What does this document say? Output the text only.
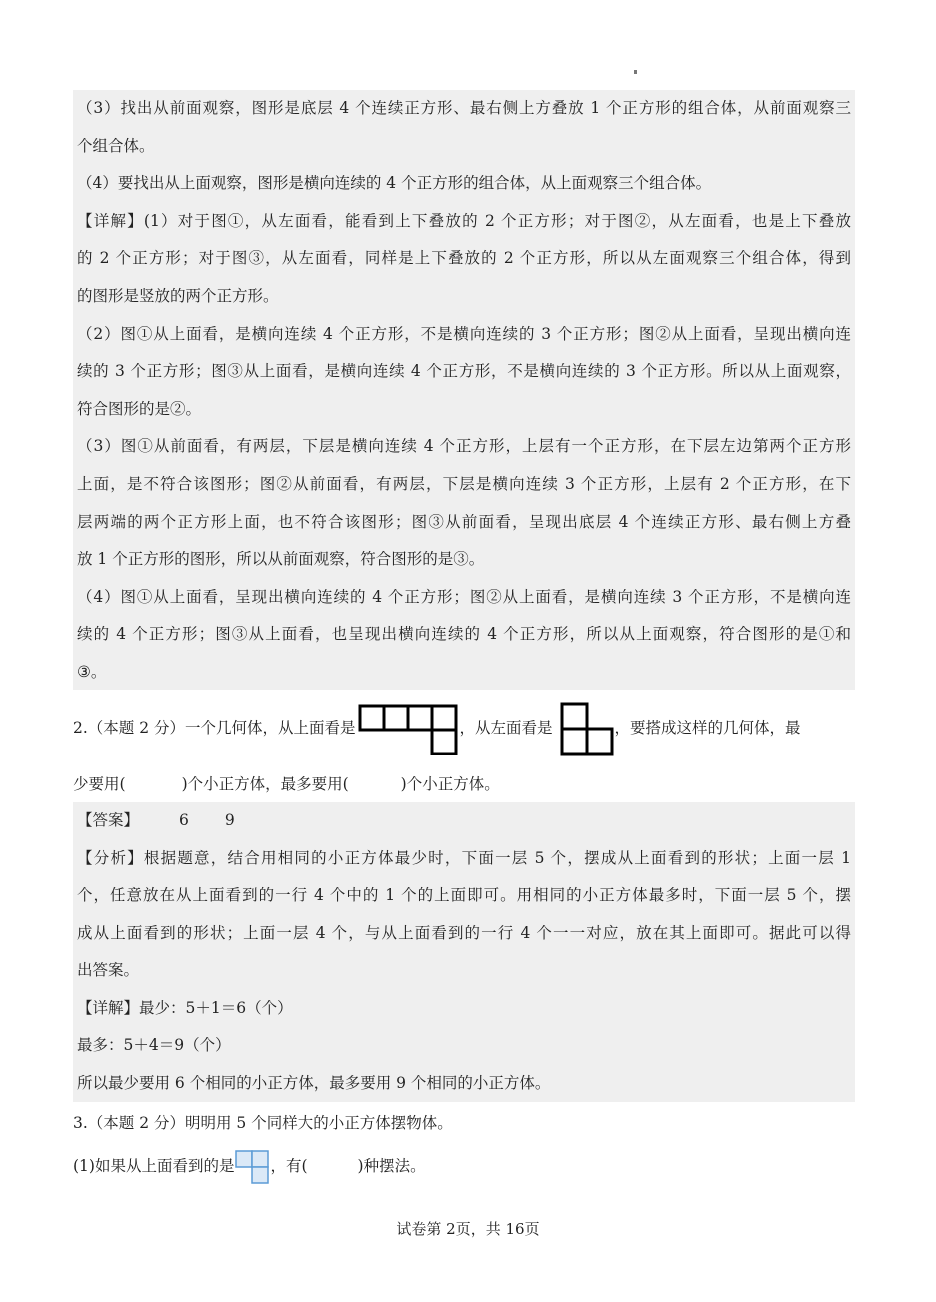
（3）找出从前面观察，图形是底层 4 个连续正方形、最右侧上方叠放 1 个正方形的组合体，从前面观察三
个组合体。
（4）要找出从上面观察，图形是横向连续的 4 个正方形的组合体，从上面观察三个组合体。
【详解】(1）对于图①，从左面看，能看到上下叠放的 2 个正方形；对于图②，从左面看，也是上下叠放
的 2 个正方形；对于图③，从左面看，同样是上下叠放的 2 个正方形，所以从左面观察三个组合体，得到
的图形是竖放的两个正方形。
（2）图①从上面看，是横向连续 4 个正方形，不是横向连续的 3 个正方形；图②从上面看，呈现出横向连
续的 3 个正方形；图③从上面看，是横向连续 4 个正方形，不是横向连续的 3 个正方形。所以从上面观察，
符合图形的是②。
（3）图①从前面看，有两层，下层是横向连续 4 个正方形，上层有一个正方形，在下层左边第两个正方形
上面，是不符合该图形；图②从前面看，有两层，下层是横向连续 3 个正方形，上层有 2 个正方形，在下
层两端的两个正方形上面，也不符合该图形；图③从前面看，呈现出底层 4 个连续正方形、最右侧上方叠
放 1 个正方形的图形，所以从前面观察，符合图形的是③。
（4）图①从上面看，呈现出横向连续的 4 个正方形；图②从上面看，是横向连续 3 个正方形，不是横向连
续的 4 个正方形；图③从上面看，也呈现出横向连续的 4 个正方形，所以从上面观察，符合图形的是①和
③。
2.（本题 2 分）一个几何体，从上面看是	，从左面看是	，要搭成这样的几何体，最
少要用(	)个小正方体，最多要用(	)个小正方体。
【答案】	6 9
【分析】根据题意，结合用相同的小正方体最少时，下面一层 5 个，摆成从上面看到的形状；上面一层 1
个，任意放在从上面看到的一行 4 个中的 1 个的上面即可。用相同的小正方体最多时，下面一层 5 个，摆
成从上面看到的形状；上面一层 4 个，与从上面看到的一行 4 个一一对应，放在其上面即可。据此可以得
出答案。
【详解】最少：5＋1＝6（个）
最多：5＋4＝9（个）
所以最少要用 6 个相同的小正方体，最多要用 9 个相同的小正方体。
3.（本题 2 分）明明用 5 个同样大的小正方体摆物体。
(1)如果从上面看到的是 ，有(	)种摆法。
试卷第 2页，共 16页
